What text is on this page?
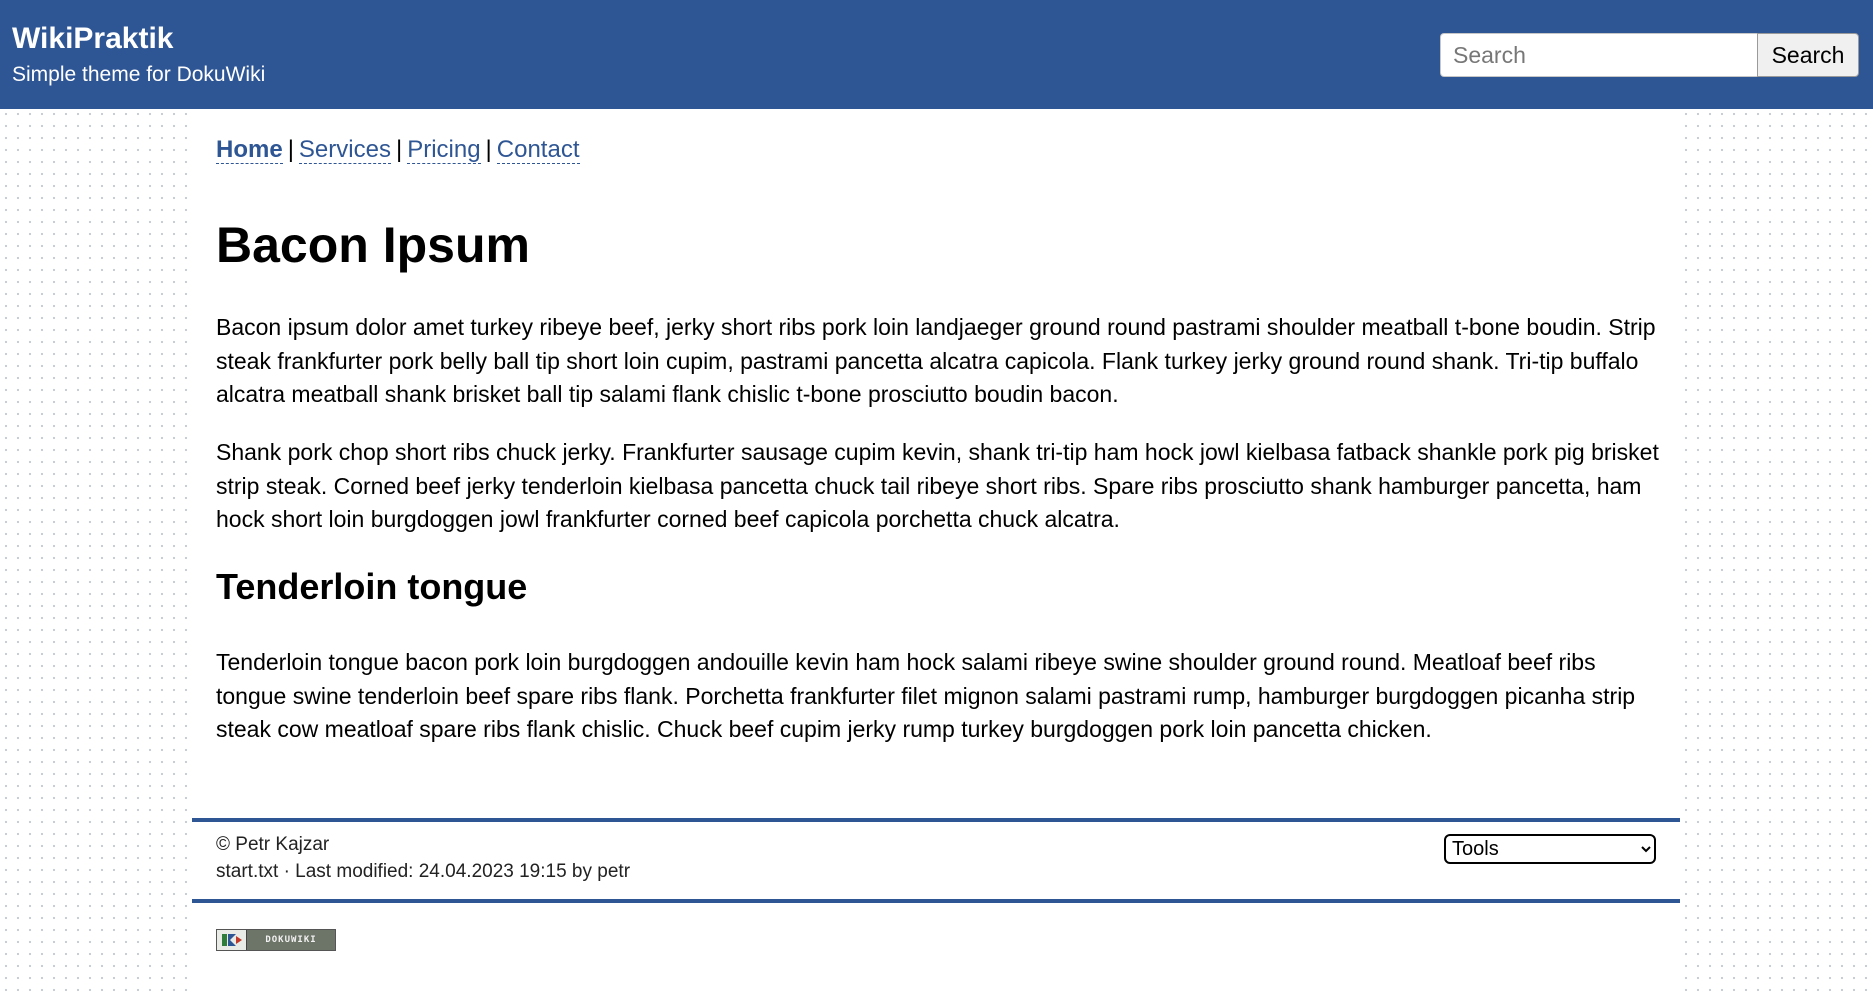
WikiPraktik
Simple theme for DokuWiki
Search
Search
Home | Services | Pricing | Contact
Bacon Ipsum

Bacon ipsum dolor amet turkey ribeye beef, jerky short ribs pork loin landjaeger ground round pastrami shoulder meatball t-bone boudin. Strip steak frankfurter pork belly ball tip short loin cupim, pastrami pancetta alcatra capicola. Flank turkey jerky ground round shank. Tri-tip buffalo alcatra meatball shank brisket ball tip salami flank chislic t-bone prosciutto boudin bacon.

Shank pork chop short ribs chuck jerky. Frankfurter sausage cupim kevin, shank tri-tip ham hock jowl kielbasa fatback shankle pork pig brisket strip steak. Corned beef jerky tenderloin kielbasa pancetta chuck tail ribeye short ribs. Spare ribs prosciutto shank hamburger pancetta, ham hock short loin burgdoggen jowl frankfurter corned beef capicola porchetta chuck alcatra.

Tenderloin tongue

Tenderloin tongue bacon pork loin burgdoggen andouille kevin ham hock salami ribeye swine shoulder ground round. Meatloaf beef ribs tongue swine tenderloin beef spare ribs flank. Porchetta frankfurter filet mignon salami pastrami rump, hamburger burgdoggen picanha strip steak cow meatloaf spare ribs flank chislic. Chuck beef cupim jerky rump turkey burgdoggen pork loin pancetta chicken.

© Petr Kajzar
start.txt · Last modified: 24.04.2023 19:15 by petr
Tools
DOKUWIKI
